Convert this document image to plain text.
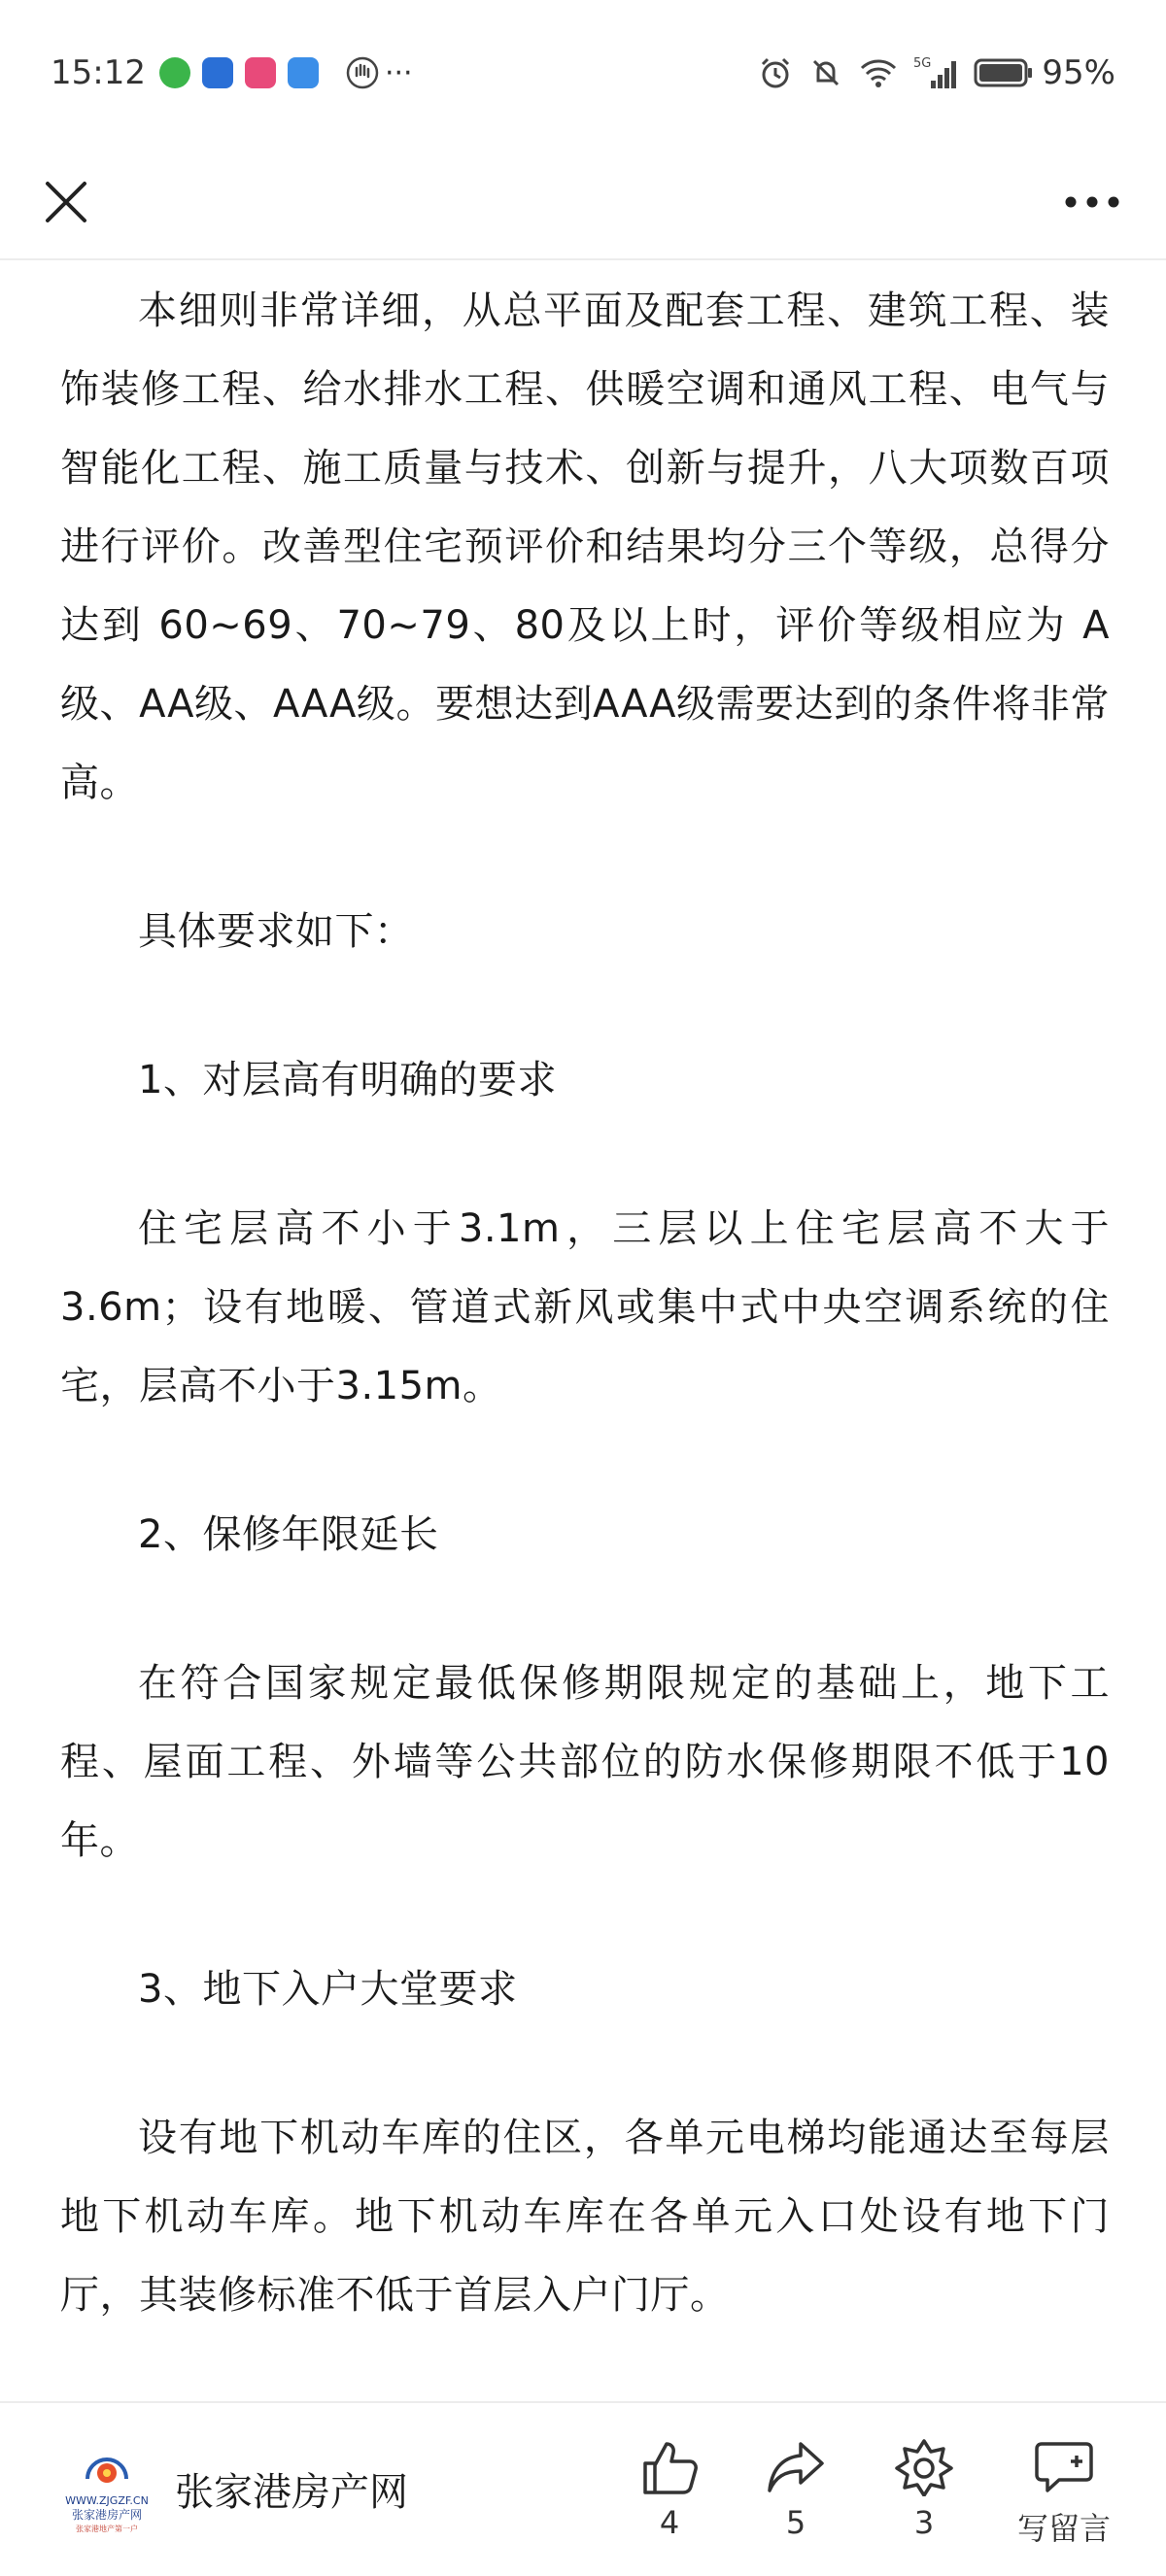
15:12	···	5G	95%

本细则非常详细，从总平面及配套工程、建筑工程、装饰装修工程、给水排水工程、供暖空调和通风工程、电气与智能化工程、施工质量与技术、创新与提升，八大项数百项进行评价。改善型住宅预评价和结果均分三个等级，总得分达到 60~69、70~79、80及以上时，评价等级相应为 A级、AA级、AAA级。要想达到AAA级需要达到的条件将非常高。

具体要求如下：

1、对层高有明确的要求

住宅层高不小于3.1m，三层以上住宅层高不大于3.6m；设有地暖、管道式新风或集中式中央空调系统的住宅，层高不小于3.15m。

2、保修年限延长

在符合国家规定最低保修期限规定的基础上，地下工程、屋面工程、外墙等公共部位的防水保修期限不低于10年。

3、地下入户大堂要求

设有地下机动车库的住区，各单元电梯均能通达至每层地下机动车库。地下机动车库在各单元入口处设有地下门厅，其装修标准不低于首层入户门厅。

WWW.ZJGZF.CN
张家港房产网
张家港地产第一户
张家港房产网
4	5	3	写留言
